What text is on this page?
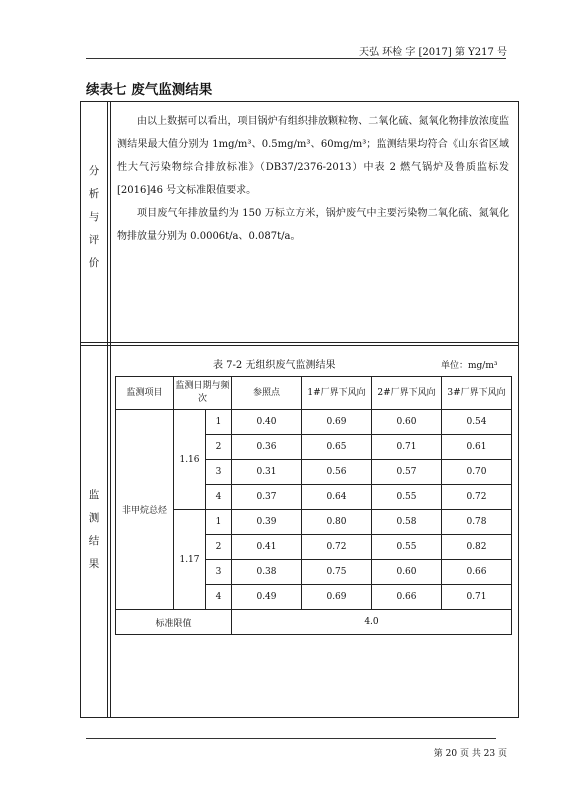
天弘 环检 字 [2017] 第 Y217 号
续表七 废气监测结果
分
析
与
评
价

由以上数据可以看出，项目锅炉有组织排放颗粒物、二氧化硫、氮氧化物排放浓度监测结果最大值分别为 1mg/m³、0.5mg/m³、60mg/m³；监测结果均符合《山东省区域性大气污染物综合排放标准》（DB37/2376-2013）中表 2 燃气锅炉及鲁质监标发[2016]46 号文标准限值要求。

项目废气年排放量约为 150 万标立方米，锅炉废气中主要污染物二氧化硫、氮氧化物排放量分别为 0.0006t/a、0.087t/a。

监
测
结
果
表 7-2 无组织废气监测结果	单位：mg/m³
监测项目	监测日期与频次		参照点	1#厂界下风向	2#厂界下风向	3#厂界下风向
非甲烷总烃	1.16	1	0.40	0.69	0.60	0.54
		2	0.36	0.65	0.71	0.61
		3	0.31	0.56	0.57	0.70
		4	0.37	0.64	0.55	0.72
	1.17	1	0.39	0.80	0.58	0.78
		2	0.41	0.72	0.55	0.82
		3	0.38	0.75	0.60	0.66
		4	0.49	0.69	0.66	0.71
标准限值			4.0			
第 20 页 共 23 页
